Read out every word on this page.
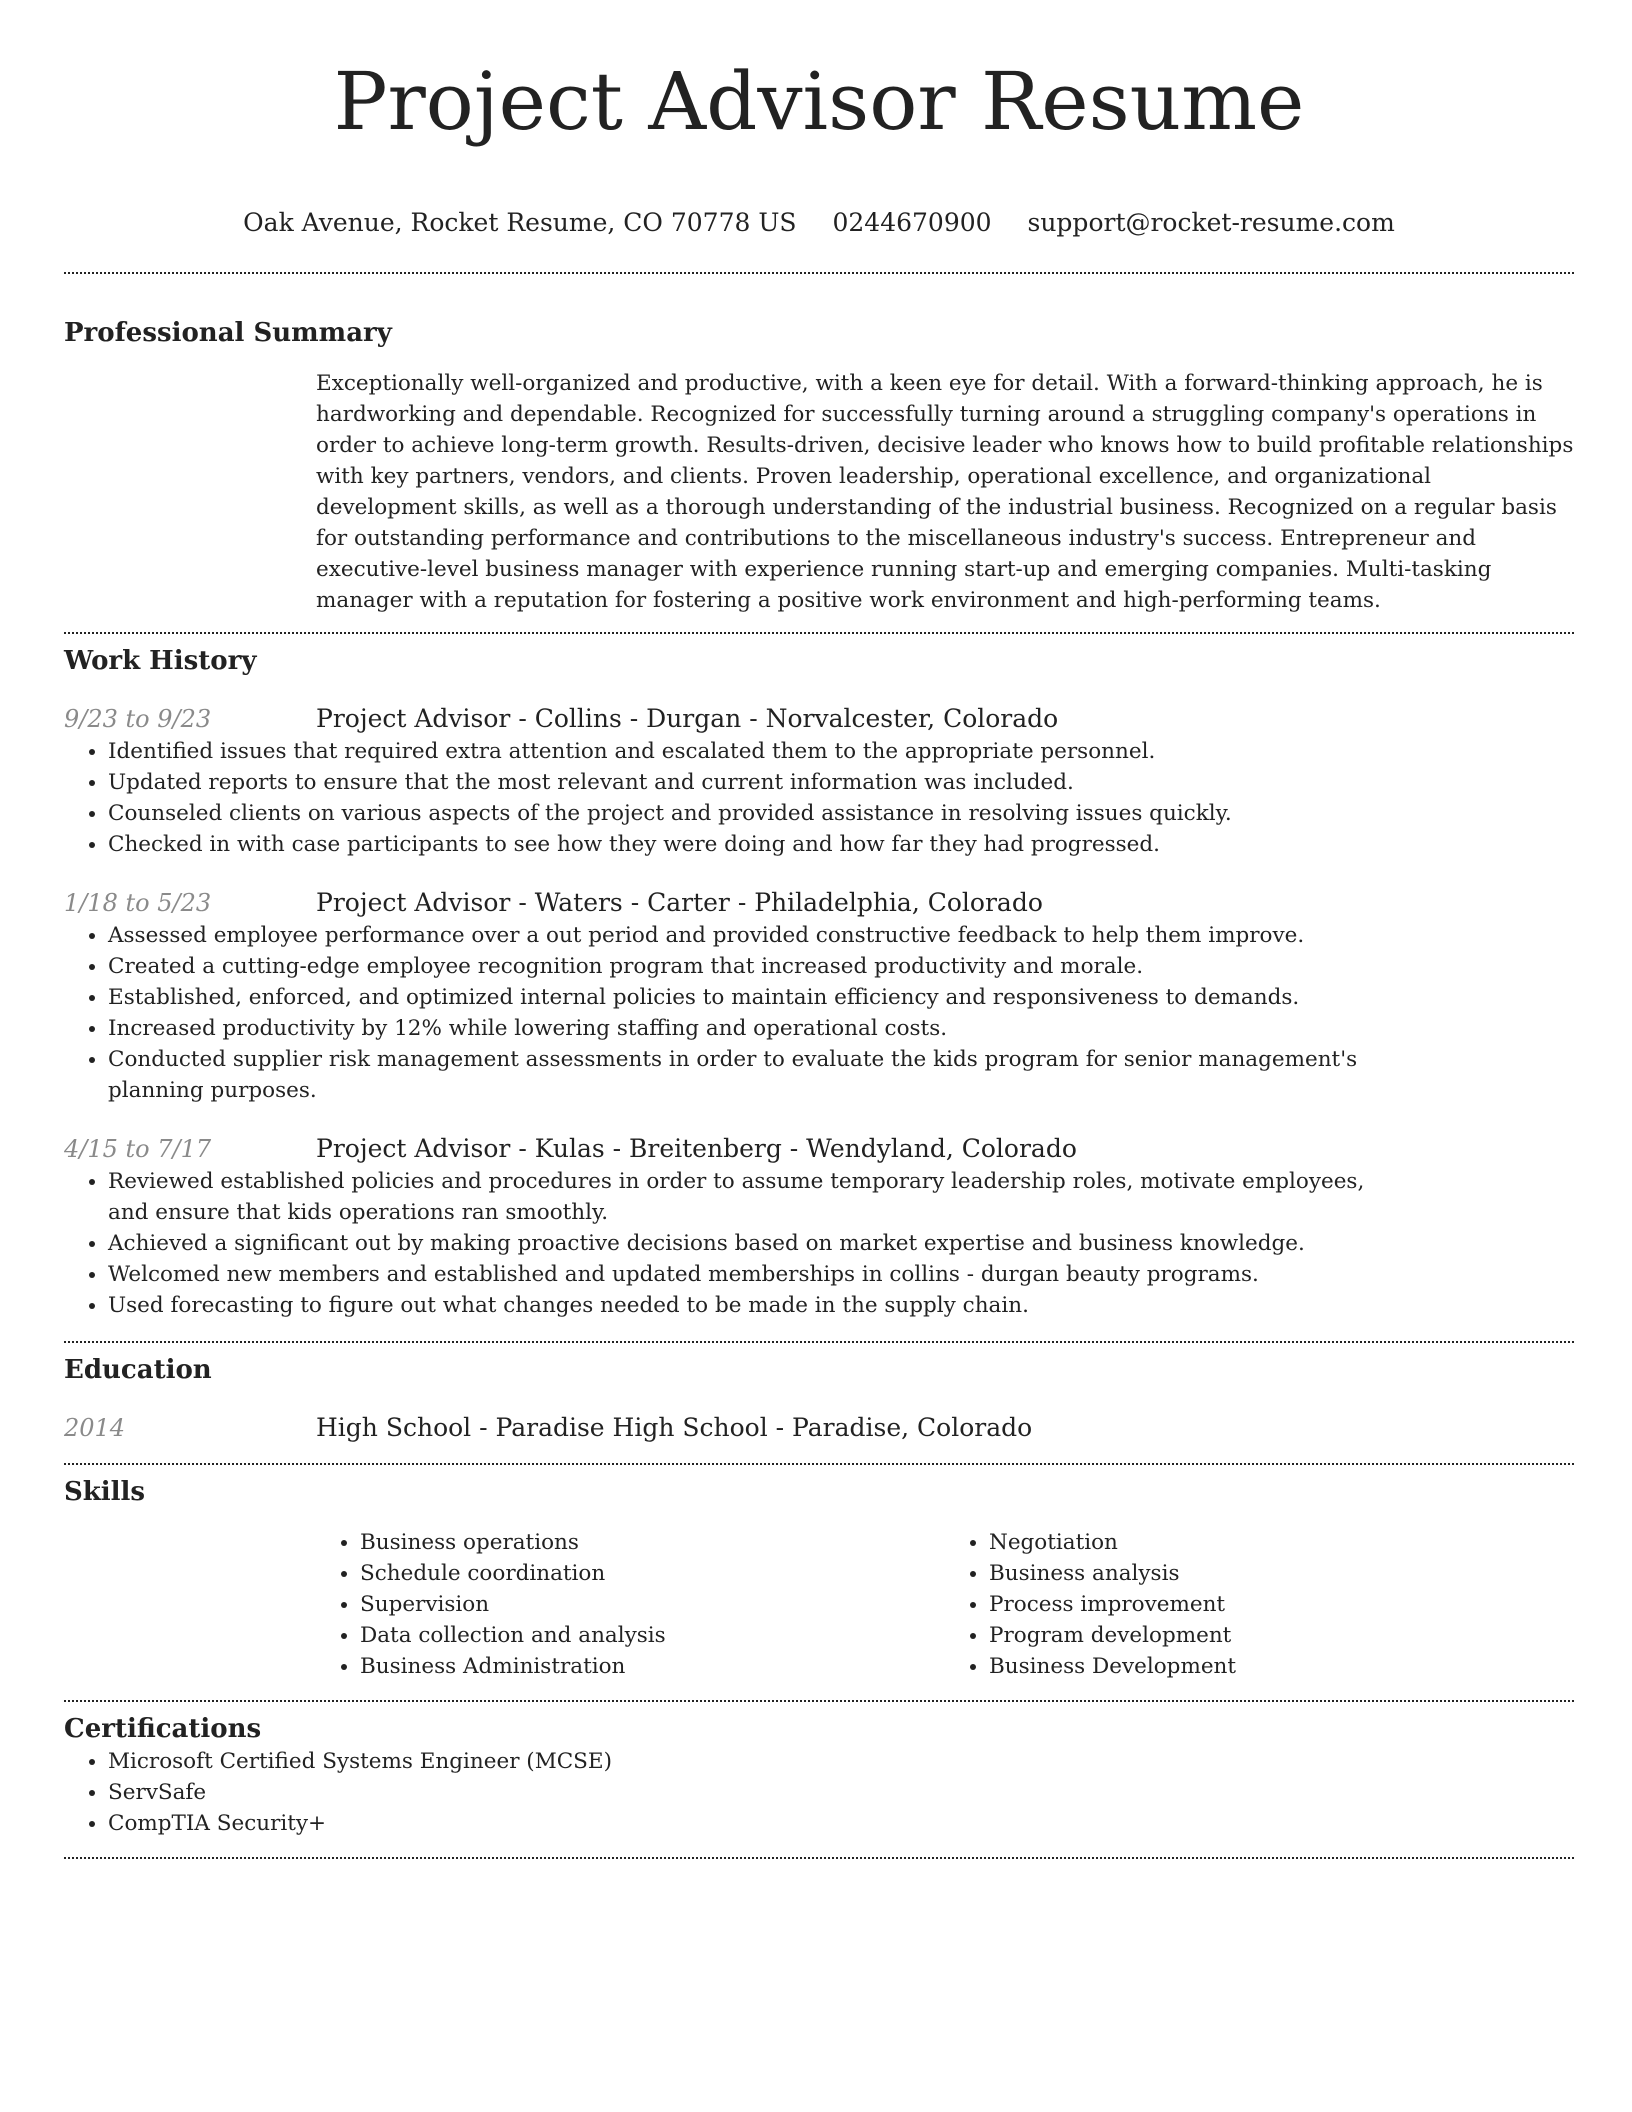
Project Advisor Resume
Oak Avenue, Rocket Resume, CO 70778 US 0244670900 support@rocket-resume.com
Professional Summary
Exceptionally well-organized and productive, with a keen eye for detail. With a forward-thinking approach, he is hardworking and dependable. Recognized for successfully turning around a struggling company's operations in order to achieve long-term growth. Results-driven, decisive leader who knows how to build profitable relationships with key partners, vendors, and clients. Proven leadership, operational excellence, and organizational development skills, as well as a thorough understanding of the industrial business. Recognized on a regular basis for outstanding performance and contributions to the miscellaneous industry's success. Entrepreneur and executive-level business manager with experience running start-up and emerging companies. Multi-tasking manager with a reputation for fostering a positive work environment and high-performing teams.
Work History
9/23 to 9/23	Project Advisor - Collins - Durgan - Norvalcester, Colorado
• Identified issues that required extra attention and escalated them to the appropriate personnel.
• Updated reports to ensure that the most relevant and current information was included.
• Counseled clients on various aspects of the project and provided assistance in resolving issues quickly.
• Checked in with case participants to see how they were doing and how far they had progressed.
1/18 to 5/23	Project Advisor - Waters - Carter - Philadelphia, Colorado
• Assessed employee performance over a out period and provided constructive feedback to help them improve.
• Created a cutting-edge employee recognition program that increased productivity and morale.
• Established, enforced, and optimized internal policies to maintain efficiency and responsiveness to demands.
• Increased productivity by 12% while lowering staffing and operational costs.
• Conducted supplier risk management assessments in order to evaluate the kids program for senior management's planning purposes.
4/15 to 7/17	Project Advisor - Kulas - Breitenberg - Wendyland, Colorado
• Reviewed established policies and procedures in order to assume temporary leadership roles, motivate employees, and ensure that kids operations ran smoothly.
• Achieved a significant out by making proactive decisions based on market expertise and business knowledge.
• Welcomed new members and established and updated memberships in collins - durgan beauty programs.
• Used forecasting to figure out what changes needed to be made in the supply chain.
Education
2014	High School - Paradise High School - Paradise, Colorado
Skills
• Business operations
• Schedule coordination
• Supervision
• Data collection and analysis
• Business Administration
• Negotiation
• Business analysis
• Process improvement
• Program development
• Business Development
Certifications
• Microsoft Certified Systems Engineer (MCSE)
• ServSafe
• CompTIA Security+
